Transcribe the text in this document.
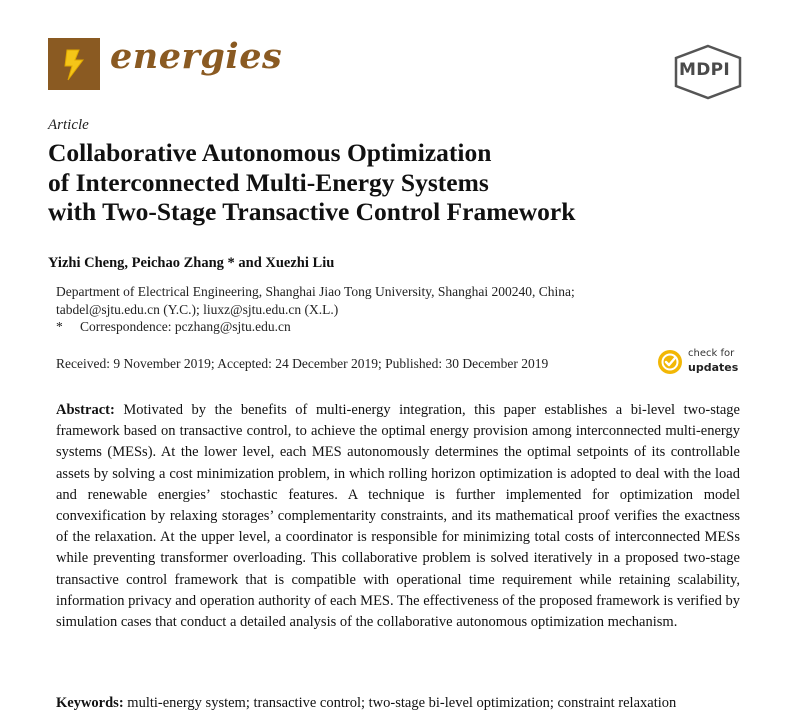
energies	MDPI
Article
Collaborative Autonomous Optimization
of Interconnected Multi-Energy Systems
with Two-Stage Transactive Control Framework
Yizhi Cheng, Peichao Zhang * and Xuezhi Liu
Department of Electrical Engineering, Shanghai Jiao Tong University, Shanghai 200240, China;
tabdel@sjtu.edu.cn (Y.C.); liuxz@sjtu.edu.cn (X.L.)
*	Correspondence: pczhang@sjtu.edu.cn
Received: 9 November 2019; Accepted: 24 December 2019; Published: 30 December 2019
check for
updates
Abstract: Motivated by the benefits of multi-energy integration, this paper establishes a bi-level two-stage framework based on transactive control, to achieve the optimal energy provision among interconnected multi-energy systems (MESs). At the lower level, each MES autonomously determines the optimal setpoints of its controllable assets by solving a cost minimization problem, in which rolling horizon optimization is adopted to deal with the load and renewable energies’ stochastic features. A technique is further implemented for optimization model convexification by relaxing storages’ complementarity constraints, and its mathematical proof verifies the exactness of the relaxation. At the upper level, a coordinator is responsible for minimizing total costs of interconnected MESs while preventing transformer overloading. This collaborative problem is solved iteratively in a proposed two-stage transactive control framework that is compatible with operational time requirement while retaining scalability, information privacy and operation authority of each MES. The effectiveness of the proposed framework is verified by simulation cases that conduct a detailed analysis of the collaborative autonomous optimization mechanism.
Keywords: multi-energy system; transactive control; two-stage bi-level optimization; constraint relaxation
